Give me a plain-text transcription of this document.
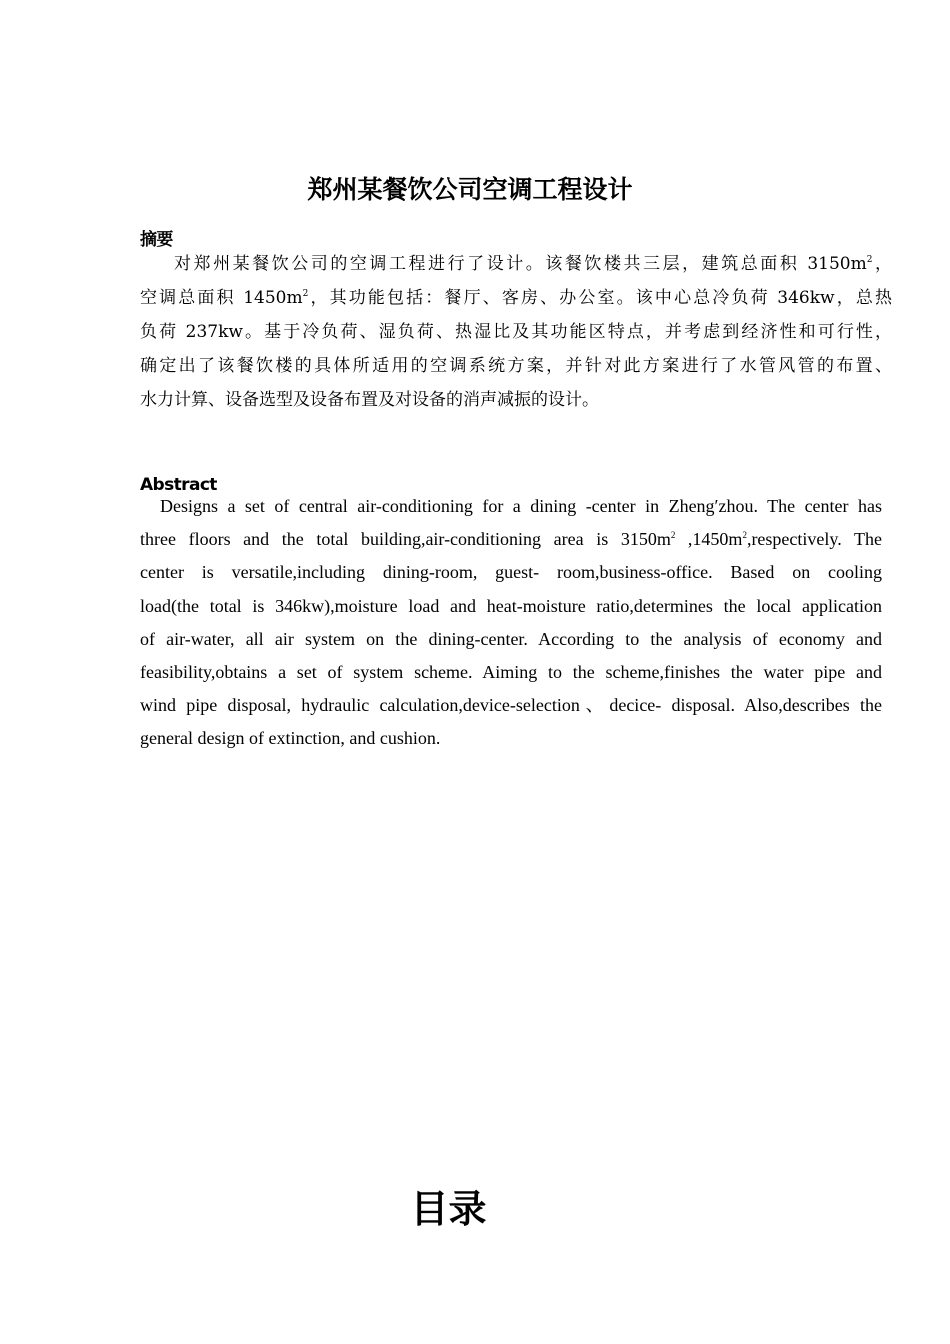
郑州某餐饮公司空调工程设计
摘要
对郑州某餐饮公司的空调工程进行了设计。该餐饮楼共三层，建筑总面积 $3150m^2$，
空调总面积 $1450m^2$，其功能包括：餐厅、客房、办公室。该中心总冷负荷 346kw，总热
负荷 237kw。基于冷负荷、湿负荷、热湿比及其功能区特点，并考虑到经济性和可行性，
确定出了该餐饮楼的具体所适用的空调系统方案，并针对此方案进行了水管风管的布置、
水力计算、设备选型及设备布置及对设备的消声减振的设计。
Abstract
Designs a set of central air-conditioning for a dining -center in Zheng′zhou. The center has
three floors and the total building,air-conditioning area is $3150m^2$ $,1450m^2,respectively$. The
center is versatile,including dining-room, guest- room,business-office. Based on cooling
load(the total is 346kw),moisture load and heat-moisture ratio,determines the local application
of air-water, all air system on the dining-center. According to the analysis of economy and
feasibility,obtains a set of system scheme. Aiming to the scheme,finishes the water pipe and
wind pipe disposal, hydraulic calculation,device-selection、decice- disposal. Also,describes the
general design of extinction, and cushion.
目录
